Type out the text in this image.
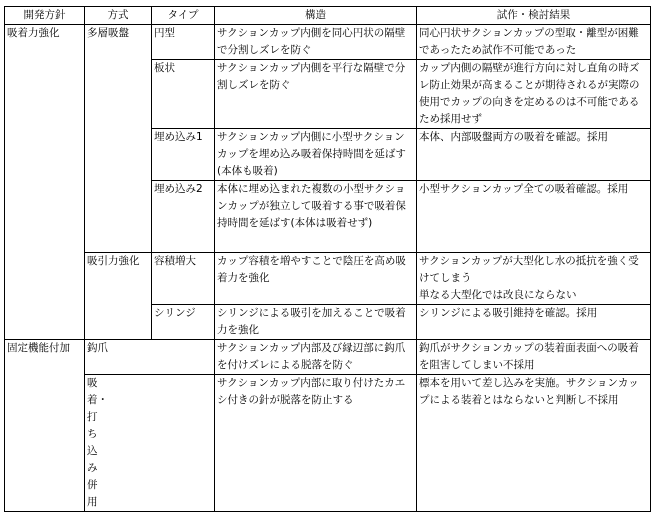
開発方針	方式	タイプ	構造	試作・検討結果
吸着力強化	多層吸盤	円型	サクションカップ内側を同心円状の隔壁で分割しズレを防ぐ	同心円状サクションカップの型取・離型が困難であったため試作不可能であった
		板状	サクションカップ内側を平行な隔壁で分割しズレを防ぐ	カップ内側の隔壁が進行方向に対し直角の時ズレ防止効果が高まることが期待されるが実際の使用でカップの向きを定めるのは不可能であるため採用せず
		埋め込み1	サクションカップ内側に小型サクションカップを埋め込み吸着保持時間を延ばす(本体も吸着)	本体、内部吸盤両方の吸着を確認。採用
		埋め込み2	本体に埋め込まれた複数の小型サクションカップが独立して吸着する事で吸着保持時間を延ばす(本体は吸着せず)	小型サクションカップ全ての吸着確認。採用
	吸引力強化	容積増大	カップ容積を増やすことで陰圧を高め吸着力を強化	サクションカップが大型化し水の抵抗を強く受けてしまう
単なる大型化では改良にならない
		シリンジ	シリンジによる吸引を加えることで吸着力を強化	シリンジによる吸引維持を確認。採用
固定機能付加	鈎爪		サクションカップ内部及び縁辺部に鈎爪を付けズレによる脱落を防ぐ	鈎爪がサクションカップの装着面表面への吸着を阻害してしまい不採用
	吸着・打ち込み併用		サクションカップ内部に取り付けたカエシ付きの針が脱落を防止する	標本を用いて差し込みを実施。サクションカップによる装着とはならないと判断し不採用
